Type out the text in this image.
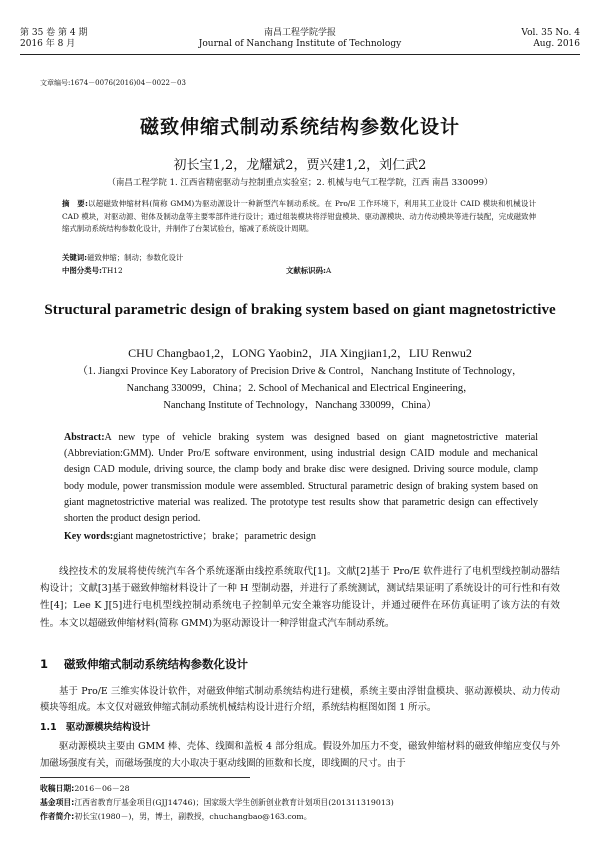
第 35 卷 第 4 期
2016 年 8 月
南昌工程学院学报
Journal of Nanchang Institute of Technology
Vol. 35 No. 4
Aug. 2016
文章编号:1674－0076(2016)04－0022－03
磁致伸缩式制动系统结构参数化设计
初长宝1,2，龙耀斌2，贾兴建1,2，刘仁武2
（南昌工程学院 1. 江西省精密驱动与控制重点实验室；2. 机械与电气工程学院，江西 南昌 330099）
摘　要:以超磁致伸缩材料(简称 GMM)为驱动源设计一种新型汽车制动系统。在 Pro/E 工作环境下，利用其工业设计 CAID 模块和机械设计 CAD 模块，对驱动源、钳体及制动盘等主要零部件进行设计；通过组装模块将浮钳盘模块、驱动源模块、动力传动模块等进行装配，完成磁致伸缩式制动系统结构参数化设计，并制作了台架试验台，缩减了系统设计周期。
关键词:磁致伸缩；制动；参数化设计
中图分类号:TH12	文献标识码:A
Structural parametric design of braking system based on giant magnetostrictive
CHU Changbao1,2，LONG Yaobin2，JIA Xingjian1,2，LIU Renwu2
（1. Jiangxi Province Key Laboratory of Precision Drive & Control，Nanchang Institute of Technology，
Nanchang 330099，China；2. School of Mechanical and Electrical Engineering，
Nanchang Institute of Technology，Nanchang 330099，China）
Abstract:A new type of vehicle braking system was designed based on giant magnetostrictive material (Abbreviation:GMM). Under Pro/E software environment, using industrial design CAID module and mechanical design CAD module, driving source, the clamp body and brake disc were designed. Driving source module, clamp body module, power transmission module were assembled. Structural parametric design of braking system based on giant magnetostrictive material was realized. The prototype test results show that parametric design can effectively shorten the product design period.
Key words:giant magnetostrictive；brake；parametric design
线控技术的发展将使传统汽车各个系统逐渐由线控系统取代[1]。文献[2]基于 Pro/E 软件进行了电机型线控制动器结构设计；文献[3]基于磁致伸缩材料设计了一种 H 型制动器，并进行了系统测试，测试结果证明了系统设计的可行性和有效性[4]；Lee K J[5]进行电机型线控制动系统电子控制单元安全兼容功能设计，并通过硬件在环仿真证明了该方法的有效性。本文以超磁致伸缩材料(简称 GMM)为驱动源设计一种浮钳盘式汽车制动系统。
1 磁致伸缩式制动系统结构参数化设计
基于 Pro/E 三维实体设计软件，对磁致伸缩式制动系统结构进行建模，系统主要由浮钳盘模块、驱动源模块、动力传动模块等组成。本文仅对磁致伸缩式制动系统机械结构设计进行介绍，系统结构框图如图 1 所示。
1.1 驱动源模块结构设计
驱动源模块主要由 GMM 棒、壳体、线圈和盖板 4 部分组成。假设外加压力不变，磁致伸缩材料的磁致伸缩应变仅与外加磁场强度有关，而磁场强度的大小取决于驱动线圈的匝数和长度，即线圈的尺寸。由于
收稿日期:2016－06－28
基金项目:江西省教育厅基金项目(GJJ14746)；国家级大学生创新创业教育计划项目(201311319013)
作者简介:初长宝(1980－)，男，博士，副教授，chuchangbao@163.com。
